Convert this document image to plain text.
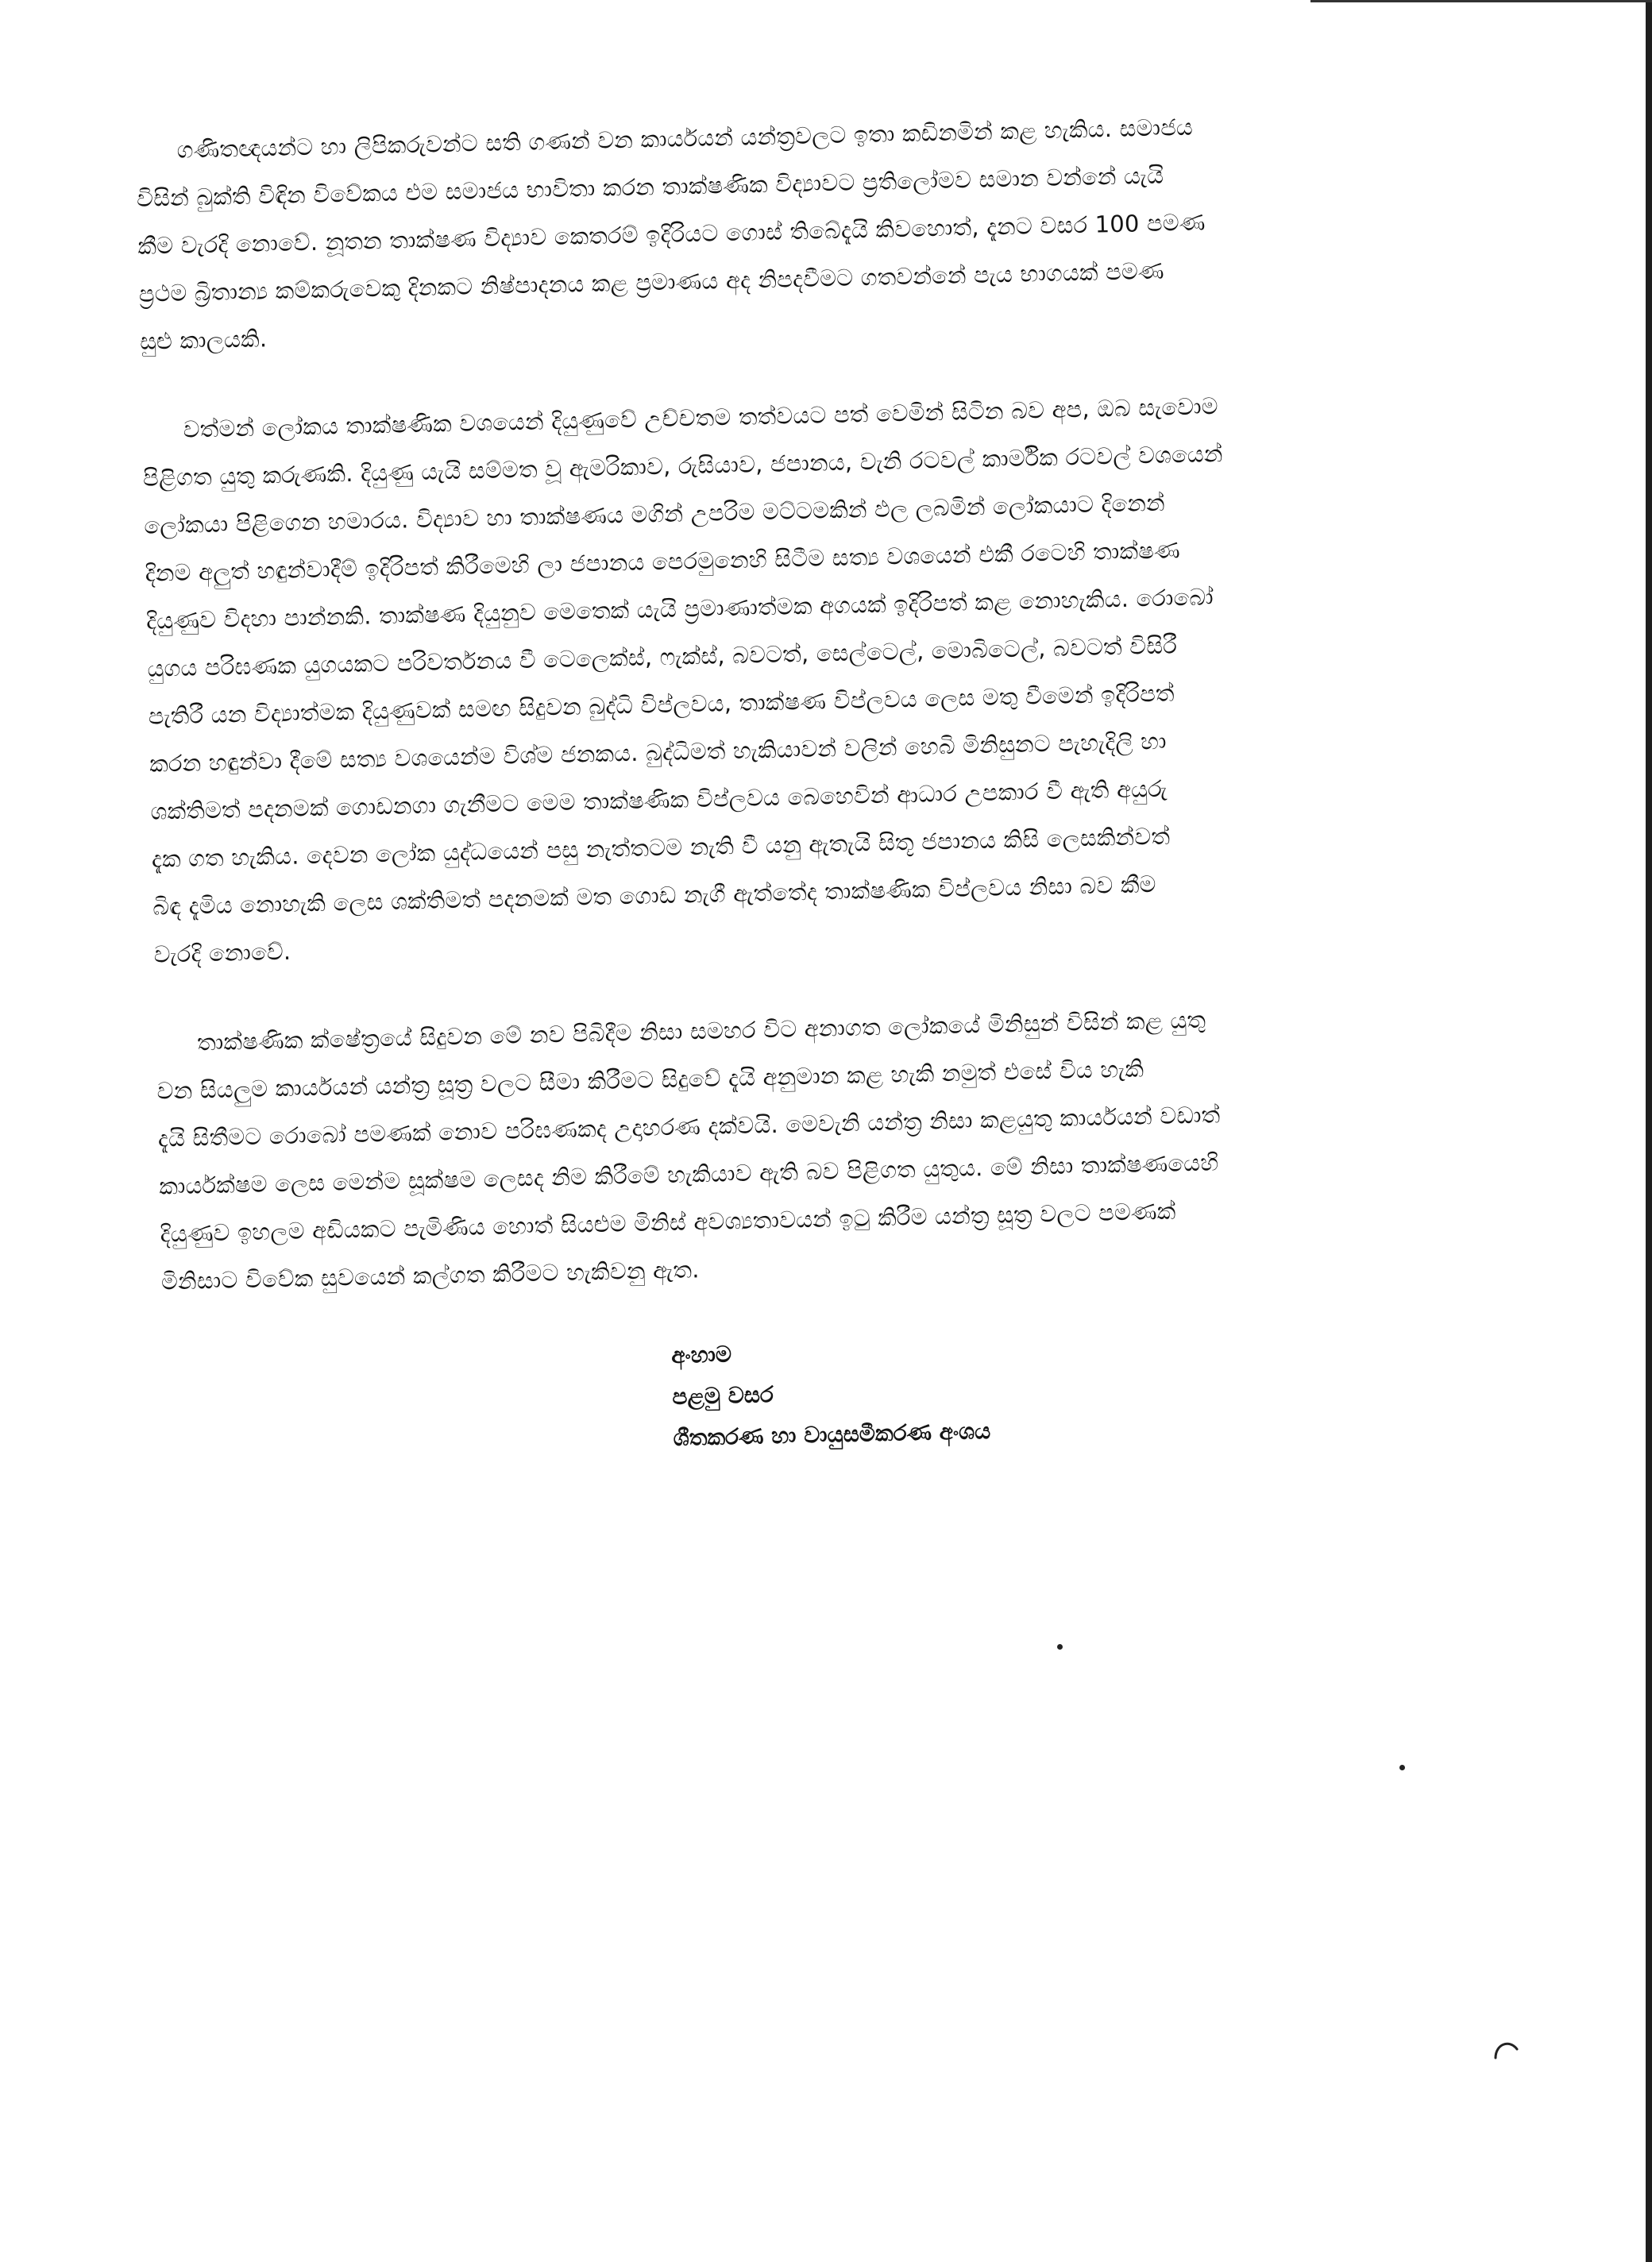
ගණිතඥයන්ට හා ලිපිකරුවන්ට සති ගණන් වන කාර්යයන් යන්ත්‍රවලට ඉතා කඩිනමින් කළ හැකිය. සමාජය
විසින් බුක්ති විඳින විවේකය එම සමාජය භාවිතා කරන තාක්ෂණික විද්‍යාවට ප්‍රතිලෝමව සමාන වන්නේ යැයි
කීම වැරදි නොවේ. නූතන තාක්ෂණ විද්‍යාව කෙතරම් ඉදිරියට ගොස් තිබේදැයි කිවහොත්, දැනට වසර 100 පමණ
ප්‍රථම බ්‍රිතාන්‍ය කම්කරුවෙකු දිනකට නිෂ්පාදනය කළ ප්‍රමාණය අද නිපදවීමට ගතවන්නේ පැය භාගයක් පමණ
සුළු කාලයකි.
වත්මන් ලෝකය තාක්ෂණික වශයෙන් දියුණුවේ උච්චතම තත්වයට පත් වෙමින් සිටින බව අප, ඔබ සැවොම
පිළිගත යුතු කරුණකි. දියුණු යැයි සම්මත වූ ඇමරිකාව, රුසියාව, ජපානය, වැනි රටවල් කාර්මික රටවල් වශයෙන්
ලෝකයා පිළිගෙන හමාරය. විද්‍යාව හා තාක්ෂණය මගින් උපරිම මට්ටමකින් ඵල ලබමින් ලෝකයාට දිනෙන්
දිනම අලුත් හඳුන්වාදීම් ඉදිරිපත් කිරීමෙහි ලා ජපානය පෙරමුනෙහි සිටීම සත්‍ය වශයෙන් එකී රටෙහි තාක්ෂණ
දියුණුව විදහා පාන්නකි. තාක්ෂණ දියුනුව මෙතෙක් යැයි ප්‍රමාණාත්මක අගයක් ඉදිරිපත් කළ නොහැකිය. රොබෝ
යුගය පරිඝණක යුගයකට පරිවර්තනය වී ටෙලෙක්ස්, ෆැක්ස්, බවටත්, සෙල්ටෙල්, මොබිටෙල්, බවටත් විසිරී
පැතිරී යන විද්‍යාත්මක දියුණුවක් සමඟ සිදුවන බුද්ධි විප්ලවය, තාක්ෂණ විප්ලවය ලෙස මතු වීමෙන් ඉදිරිපත්
කරන හඳුන්වා දීමේ සත්‍ය වශයෙන්ම විශ්ම ජනකය. බුද්ධිමත් හැකියාවන් වලින් හෙබි මිනිසුනට පැහැදිලි හා
ශක්තිමත් පදනමක් ගොඩනගා ගැනීමට මෙම තාක්ෂණික විප්ලවය බෙහෙවින් ආධාර උපකාර වී ඇති අයුරු
දැක ගත හැකිය. දෙවන ලෝක යුද්ධයෙන් පසු නැත්තටම නැති වී යනු ඇතැයි සිතූ ජපානය කිසි ලෙසකින්වත්
බිඳ දැමිය නොහැකි ලෙස ශක්තිමත් පදනමක් මත ගොඩ නැගී ඇත්තේද තාක්ෂණික විප්ලවය නිසා බව කීම
වැරදි නොවේ.
තාක්ෂණික ක්ෂේත්‍රයේ සිදුවන මේ නව පිබිදීම නිසා සමහර විට අනාගත ලෝකයේ මිනිසුන් විසින් කළ යුතු
වන සියලුම කාර්යයන් යන්ත්‍ර සූත්‍ර වලට සීමා කිරීමට සිදුවේ දැයි අනුමාන කළ හැකි නමුත් එසේ විය හැකි
දැයි සිතීමට රොබෝ පමණක් නොව පරිඝණකද උදාහරණ දක්වයි. මෙවැනි යන්ත්‍ර නිසා කළයුතු කාර්යයන් වඩාත්
කාර්යක්ෂම ලෙස මෙන්ම සූක්ෂම ලෙසද නිම කිරීමේ හැකියාව ඇති බව පිළිගත යුතුය. මේ නිසා තාක්ෂණයෙහි
දියුණුව ඉහලම අඩියකට පැමිණිය හොත් සියළුම මිනිස් අවශ්‍යතාවයන් ඉටු කිරීම යන්ත්‍ර සූත්‍ර වලට පමණක්
මිනිසාට විවේක සුවයෙන් කල්ගත කිරීමට හැකිවනු ඇත.
අංහාම
පළමු වසර
ශීතකරණ හා වායුසමීකරණ අංශය
